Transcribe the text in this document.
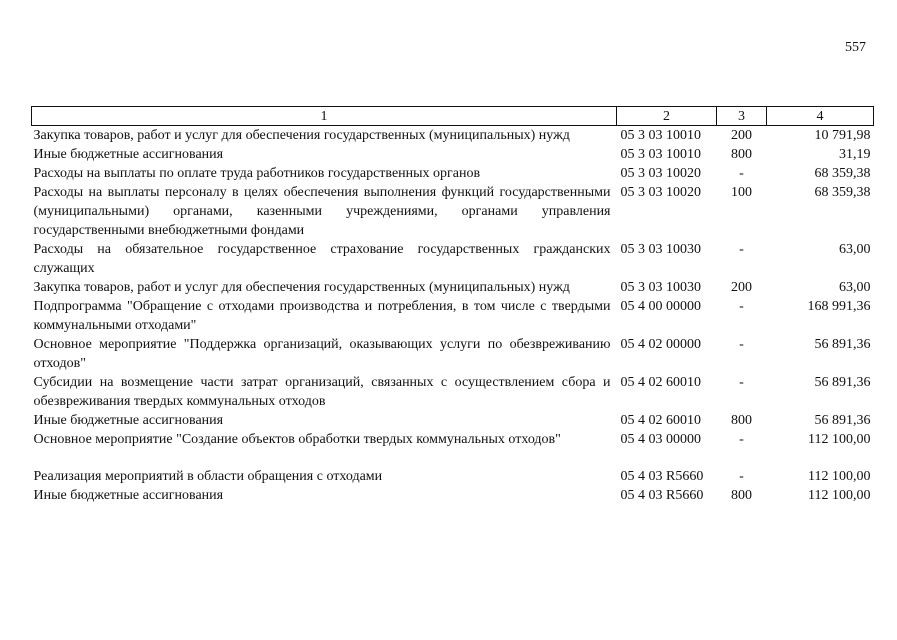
557
1	2	3	4
Закупка товаров, работ и услуг для обеспечения государственных (муниципальных) нужд	05 3 03 10010	200	10 791,98
Иные бюджетные ассигнования	05 3 03 10010	800	31,19
Расходы на выплаты по оплате труда работников государственных органов	05 3 03 10020	-	68 359,38
Расходы на выплаты персоналу в целях обеспечения выполнения функций государственными (муниципальными) органами, казенными учреждениями, органами управления государственными внебюджетными фондами	05 3 03 10020	100	68 359,38
Расходы на обязательное государственное страхование государственных гражданских служащих	05 3 03 10030	-	63,00
Закупка товаров, работ и услуг для обеспечения государственных (муниципальных) нужд	05 3 03 10030	200	63,00
Подпрограмма "Обращение с отходами производства и потребления, в том числе с твердыми коммунальными отходами"	05 4 00 00000	-	168 991,36
Основное мероприятие "Поддержка организаций, оказывающих услуги по обезвреживанию отходов"	05 4 02 00000	-	56 891,36
Субсидии на возмещение части затрат организаций, связанных с осуществлением сбора и обезвреживания твердых коммунальных отходов	05 4 02 60010	-	56 891,36
Иные бюджетные ассигнования	05 4 02 60010	800	56 891,36
Основное мероприятие "Создание объектов обработки твердых коммунальных отходов"	05 4 03 00000	-	112 100,00

Реализация мероприятий в области обращения с отходами	05 4 03 R5660	-	112 100,00
Иные бюджетные ассигнования	05 4 03 R5660	800	112 100,00
